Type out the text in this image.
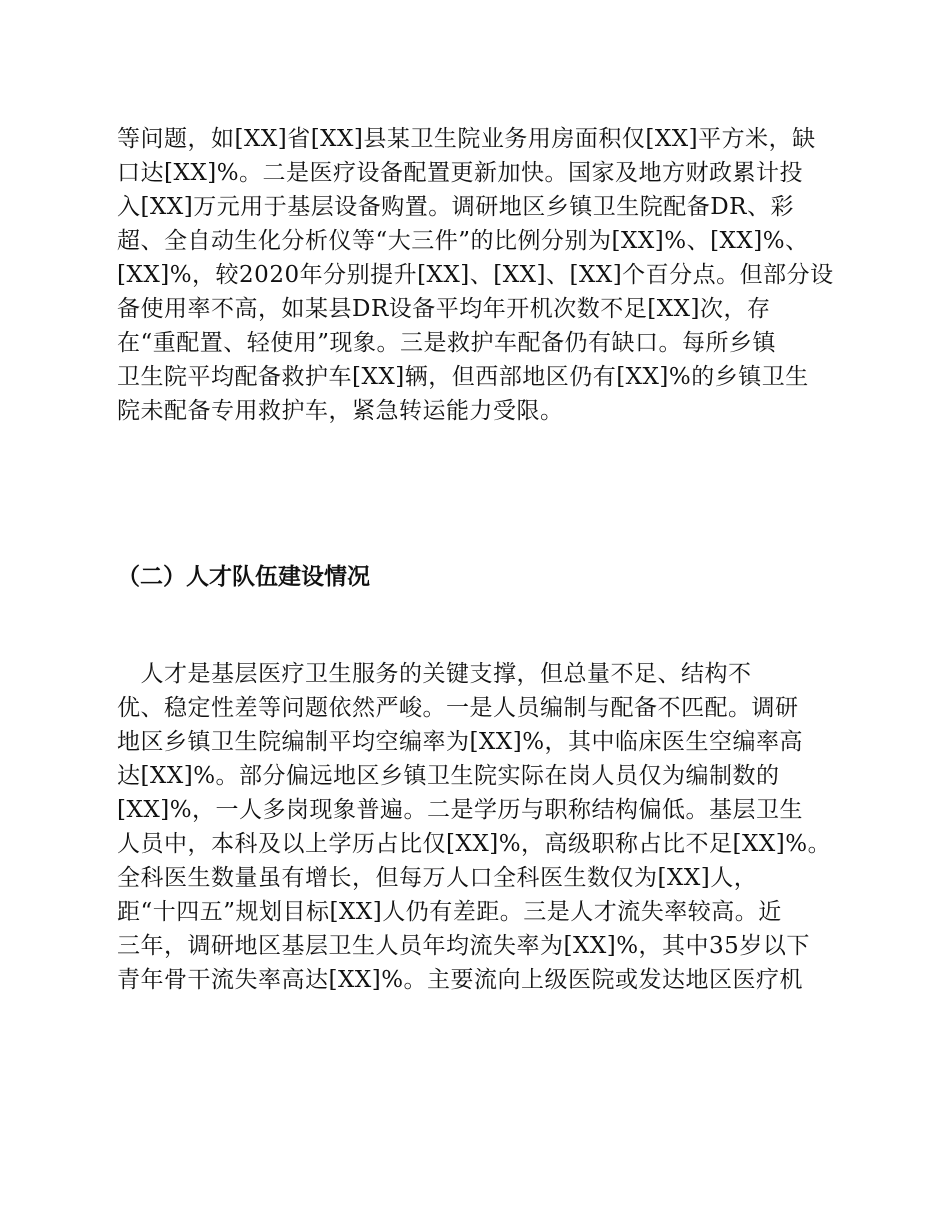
等问题，如[XX]省[XX]县某卫生院业务用房面积仅[XX]平方米，缺
口达[XX]%。二是医疗设备配置更新加快。国家及地方财政累计投
入[XX]万元用于基层设备购置。调研地区乡镇卫生院配备DR、彩
超、全自动生化分析仪等“大三件”的比例分别为[XX]%、[XX]%、
[XX]%，较2020年分别提升[XX]、[XX]、[XX]个百分点。但部分设
备使用率不高，如某县DR设备平均年开机次数不足[XX]次，存
在“重配置、轻使用”现象。三是救护车配备仍有缺口。每所乡镇
卫生院平均配备救护车[XX]辆，但西部地区仍有[XX]%的乡镇卫生
院未配备专用救护车，紧急转运能力受限。
（二）人才队伍建设情况
　人才是基层医疗卫生服务的关键支撑，但总量不足、结构不
优、稳定性差等问题依然严峻。一是人员编制与配备不匹配。调研
地区乡镇卫生院编制平均空编率为[XX]%，其中临床医生空编率高
达[XX]%。部分偏远地区乡镇卫生院实际在岗人员仅为编制数的
[XX]%，一人多岗现象普遍。二是学历与职称结构偏低。基层卫生
人员中，本科及以上学历占比仅[XX]%，高级职称占比不足[XX]%。
全科医生数量虽有增长，但每万人口全科医生数仅为[XX]人，
距“十四五”规划目标[XX]人仍有差距。三是人才流失率较高。近
三年，调研地区基层卫生人员年均流失率为[XX]%，其中35岁以下
青年骨干流失率高达[XX]%。主要流向上级医院或发达地区医疗机
